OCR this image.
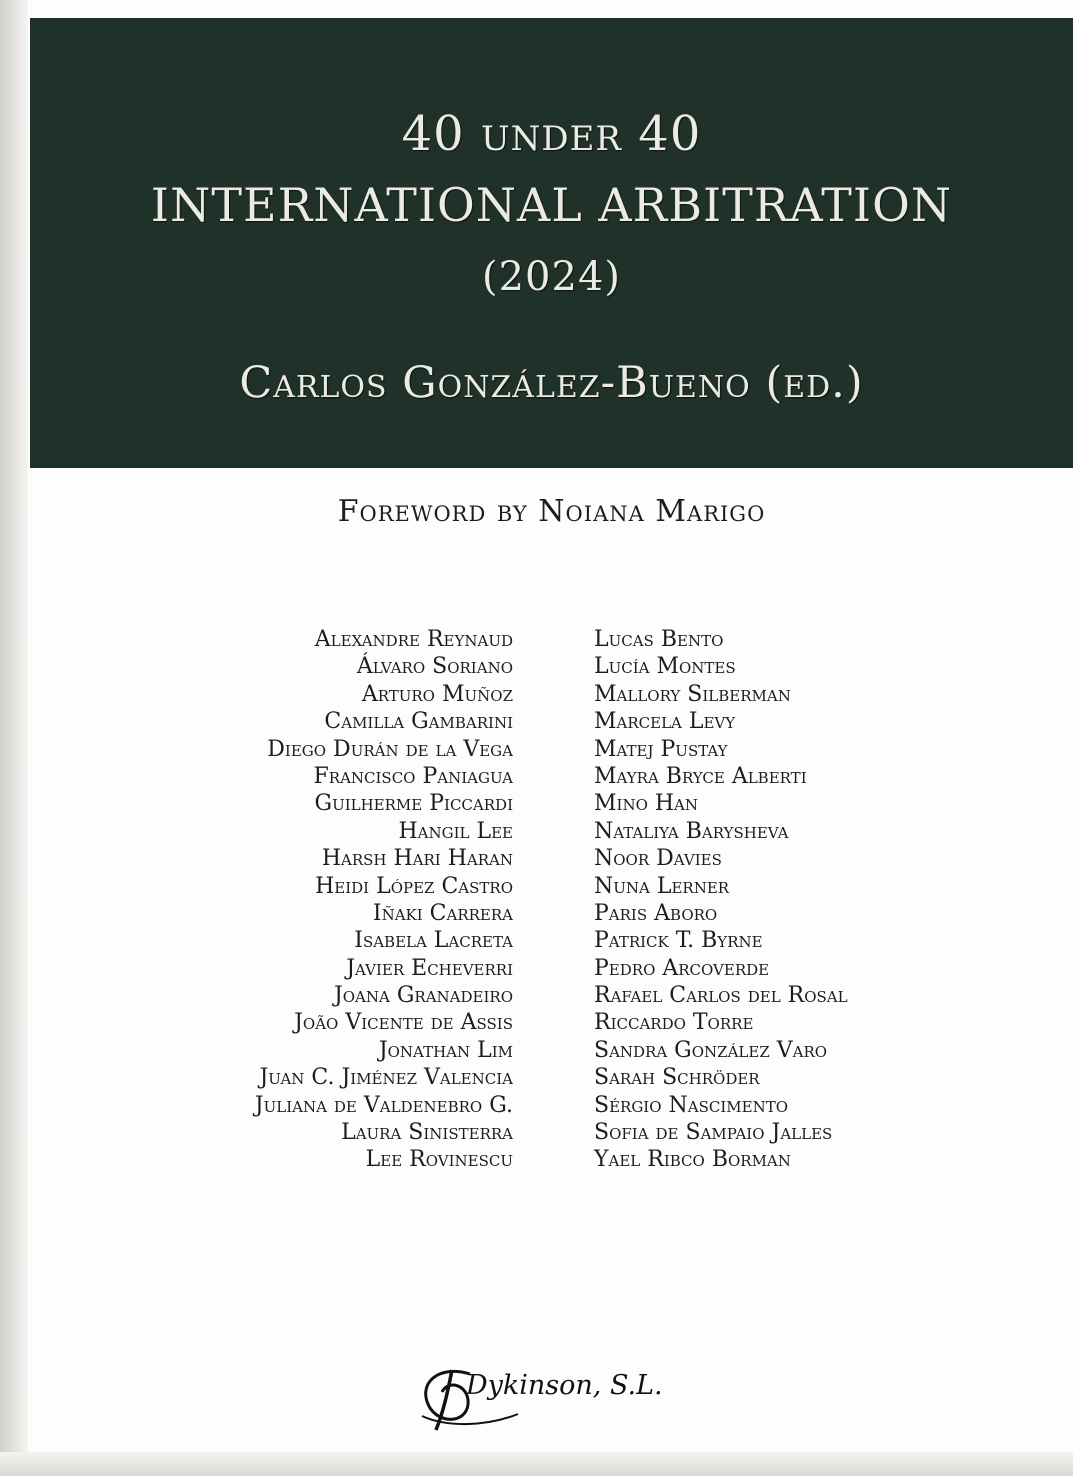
40 under 40
INTERNATIONAL ARBITRATION
(2024)
Carlos González-Bueno (ed.)
Foreword by Noiana Marigo
Alexandre Reynaud
Álvaro Soriano
Arturo Muñoz
Camilla Gambarini
Diego Durán de la Vega
Francisco Paniagua
Guilherme Piccardi
Hangil Lee
Harsh Hari Haran
Heidi López Castro
Iñaki Carrera
Isabela Lacreta
Javier Echeverri
Joana Granadeiro
João Vicente de Assis
Jonathan Lim
Juan C. Jiménez Valencia
Juliana de Valdenebro G.
Laura Sinisterra
Lee Rovinescu
Lucas Bento
Lucía Montes
Mallory Silberman
Marcela Levy
Matej Pustay
Mayra Bryce Alberti
Mino Han
Nataliya Barysheva
Noor Davies
Nuna Lerner
Paris Aboro
Patrick T. Byrne
Pedro Arcoverde
Rafael Carlos del Rosal
Riccardo Torre
Sandra González Varo
Sarah Schröder
Sérgio Nascimento
Sofia de Sampaio Jalles
Yael Ribco Borman
Dykinson, S.L.
